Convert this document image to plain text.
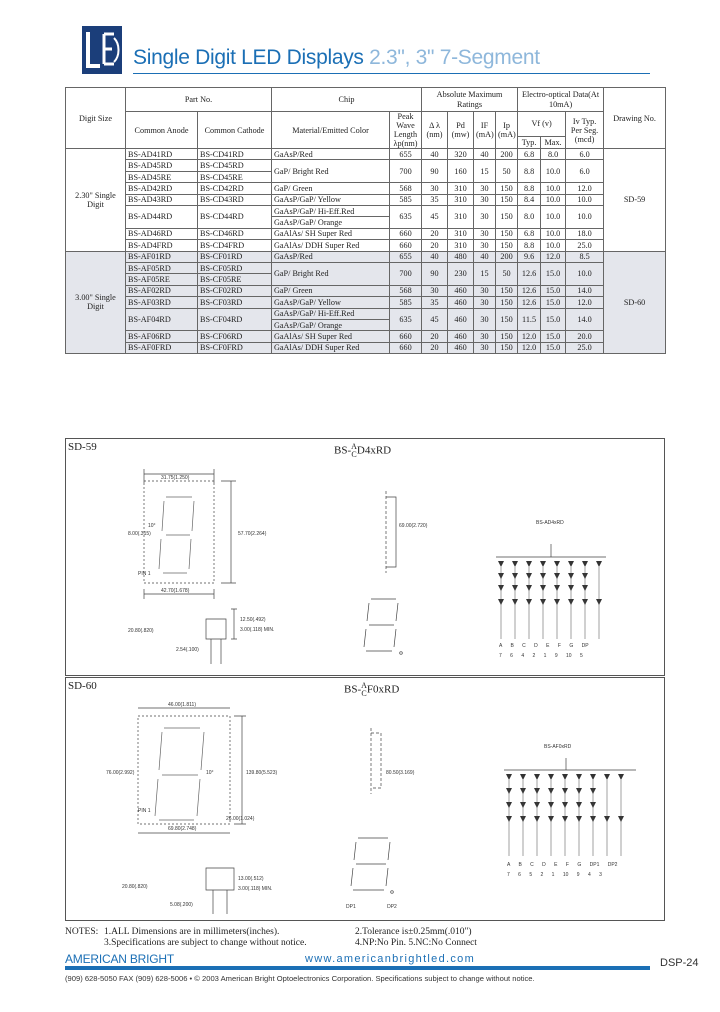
Single Digit LED Displays 2.3", 3" 7-Segment
Digit Size	Part No.		Chip		Absolute Maximum Ratings				Electro-optical Data(At 10mA)			Drawing No.
	Common Anode	Common Cathode	Material/Emitted Color	Peak Wave Length λp(nm)	Δ λ (nm)	Pd (mw)	IF (mA)	Ip (mA)	Vf (v)		Iv Typ. Per Seg. (mcd)	
									Typ.	Max.		
2.30" Single Digit	BS-AD41RD	BS-CD41RD	GaAsP/Red	655	40	320	40	200	6.8	8.0	6.0	SD-59
	BS-AD45RD	BS-CD45RD	GaP/ Bright Red	700	90	160	15	50	8.8	10.0	6.0	
	BS-AD45RE	BS-CD45RE										
	BS-AD42RD	BS-CD42RD	GaP/ Green	568	30	310	30	150	8.8	10.0	12.0	
	BS-AD43RD	BS-CD43RD	GaAsP/GaP/ Yellow	585	35	310	30	150	8.4	10.0	10.0	
	BS-AD44RD	BS-CD44RD	GaAsP/GaP/ Hi-Eff.Red	635	45	310	30	150	8.0	10.0	10.0	
			GaAsP/GaP/ Orange									
	BS-AD46RD	BS-CD46RD	GaAlAs/ SH Super Red	660	20	310	30	150	6.8	10.0	18.0	
	BS-AD4FRD	BS-CD4FRD	GaAlAs/ DDH Super Red	660	20	310	30	150	8.8	10.0	25.0	
3.00" Single Digit	BS-AF01RD	BS-CF01RD	GaAsP/Red	655	40	480	40	200	9.6	12.0	8.5	SD-60
	BS-AF05RD	BS-CF05RD	GaP/ Bright Red	700	90	230	15	50	12.6	15.0	10.0	
	BS-AF05RE	BS-CF05RE										
	BS-AF02RD	BS-CF02RD	GaP/ Green	568	30	460	30	150	12.6	15.0	14.0	
	BS-AF03RD	BS-CF03RD	GaAsP/GaP/ Yellow	585	35	460	30	150	12.6	15.0	12.0	
	BS-AF04RD	BS-CF04RD	GaAsP/GaP/ Hi-Eff.Red	635	45	460	30	150	11.5	15.0	14.0	
			GaAsP/GaP/ Orange									
	BS-AF06RD	BS-CF06RD	GaAlAs/ SH Super Red	660	20	460	30	150	12.0	15.0	20.0	
	BS-AF0FRD	BS-CF0FRD	GaAlAs/ DDH Super Red	660	20	460	30	150	12.0	15.0	25.0	
SD-59	BS-A
CD4xRD
31.75(1.250)
57.70(2.264)
10°
8.00(.315)
42.70(1.678)
PIN 1
20.80(.820)
2.54(.100)
12.50(.492)
3.00(.118) MIN.
69.00(2.720)	BS-AD4xRD
A B C D E F G DP
7 6 4 2 1 9 10 5
SD-60	BS-A
CF0xRD
46.00(1.811)
76.00(2.992)	139.80(5.523)
10°
26.00(1.024)
69.80(2.748)
PIN 1
80.50(3.169)
20.80(.820)
13.00(.512)
3.00(.118) MIN.
5.08(.200)
BS-AF0xRD
DP1 DP2
A B C D E F G DP1 DP2
7 6 5 2 1 10 9 4 3
NOTES: 1.ALL Dimensions are in millimeters(inches).	2.Tolerance is±0.25mm(.010")
3.Specifications are subject to change without notice.	4.NP:No Pin. 5.NC:No Connect
AMERICAN BRIGHT	www.americanbrightled.com	DSP-24
(909) 628-5050 FAX (909) 628-5006 • © 2003 American Bright Optoelectronics Corporation. Specifications subject to change without notice.
